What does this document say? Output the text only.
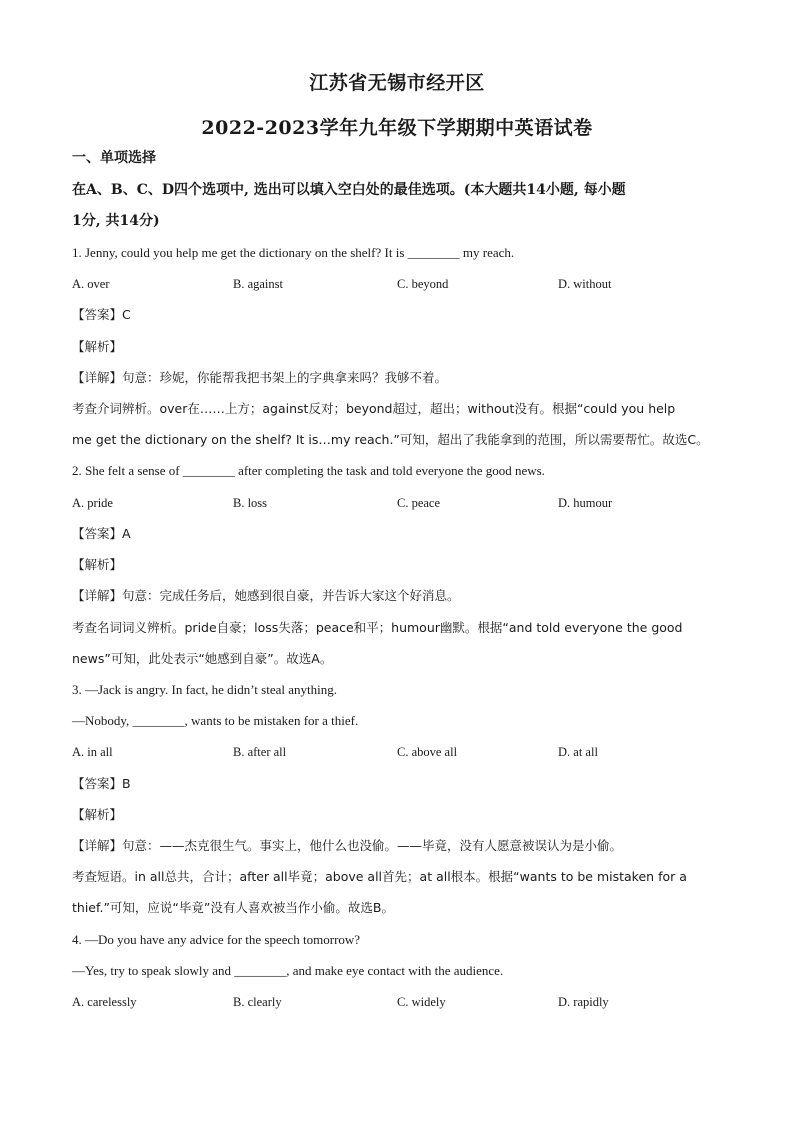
江苏省无锡市经开区
2022-2023学年九年级下学期期中英语试卷
一、单项选择
在A、B、C、D四个选项中, 选出可以填入空白处的最佳选项。(本大题共14小题, 每小题
1分, 共14分)
1. Jenny, could you help me get the dictionary on the shelf? It is ________ my reach.
A. over	B. against	C. beyond	D. without
【答案】C
【解析】
【详解】句意：珍妮，你能帮我把书架上的字典拿来吗？我够不着。
考查介词辨析。over在……上方；against反对；beyond超过，超出；without没有。根据“could you help
me get the dictionary on the shelf? It is…my reach.”可知，超出了我能拿到的范围，所以需要帮忙。故选C。
2. She felt a sense of ________ after completing the task and told everyone the good news.
A. pride	B. loss	C. peace	D. humour
【答案】A
【解析】
【详解】句意：完成任务后，她感到很自豪，并告诉大家这个好消息。
考查名词词义辨析。pride自豪；loss失落；peace和平；humour幽默。根据“and told everyone the good
news”可知，此处表示“她感到自豪”。故选A。
3. —Jack is angry. In fact, he didn’t steal anything.
—Nobody, ________, wants to be mistaken for a thief.
A. in all	B. after all	C. above all	D. at all
【答案】B
【解析】
【详解】句意：——杰克很生气。事实上，他什么也没偷。——毕竟，没有人愿意被误认为是小偷。
考查短语。in all总共，合计；after all毕竟；above all首先；at all根本。根据“wants to be mistaken for a
thief.”可知，应说“毕竟”没有人喜欢被当作小偷。故选B。
4. —Do you have any advice for the speech tomorrow?
—Yes, try to speak slowly and ________, and make eye contact with the audience.
A. carelessly	B. clearly	C. widely	D. rapidly
